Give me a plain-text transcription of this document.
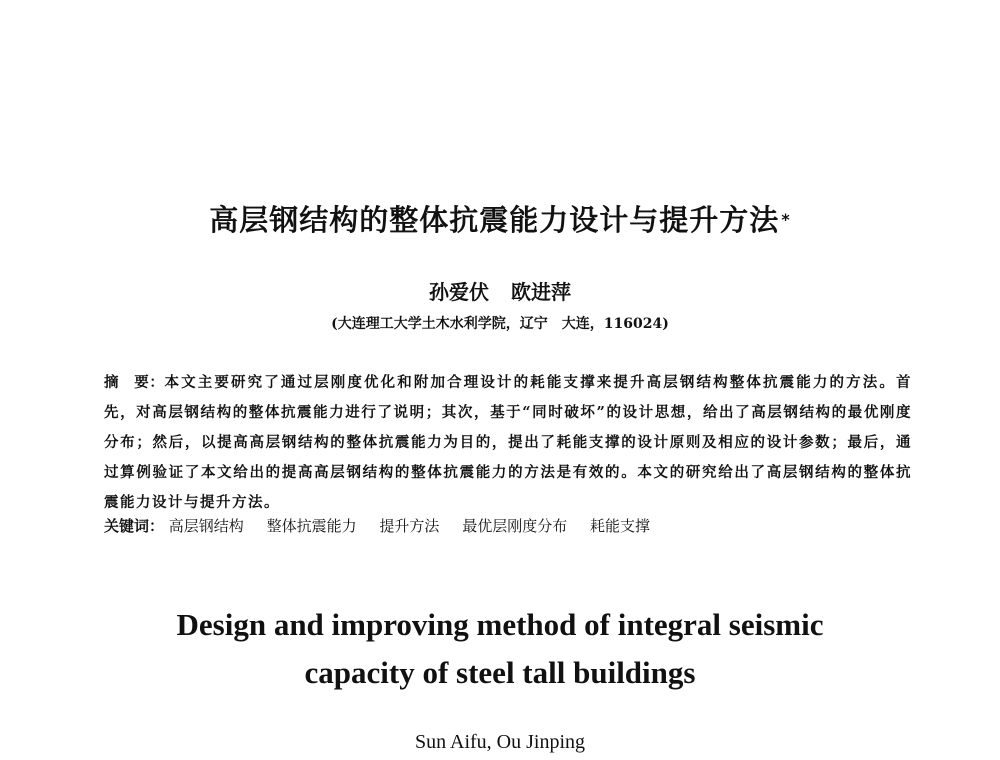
高层钢结构的整体抗震能力设计与提升方法 *
孙爱伏 欧进萍
(大连理工大学土木水利学院，辽宁　大连，116024)
摘　要：本文主要研究了通过层刚度优化和附加合理设计的耗能支撑来提升高层钢结构整体抗震能力的方法。首先，对高层钢结构的整体抗震能力进行了说明；其次，基于“同时破坏”的设计思想，给出了高层钢结构的最优刚度分布；然后，以提高高层钢结构的整体抗震能力为目的，提出了耗能支撑的设计原则及相应的设计参数；最后，通过算例验证了本文给出的提高高层钢结构的整体抗震能力的方法是有效的。本文的研究给出了高层钢结构的整体抗震能力设计与提升方法。
关键词： 高层钢结构 整体抗震能力 提升方法 最优层刚度分布 耗能支撑
Design and improving method of integral seismic
capacity of steel tall buildings
Sun Aifu, Ou Jinping
